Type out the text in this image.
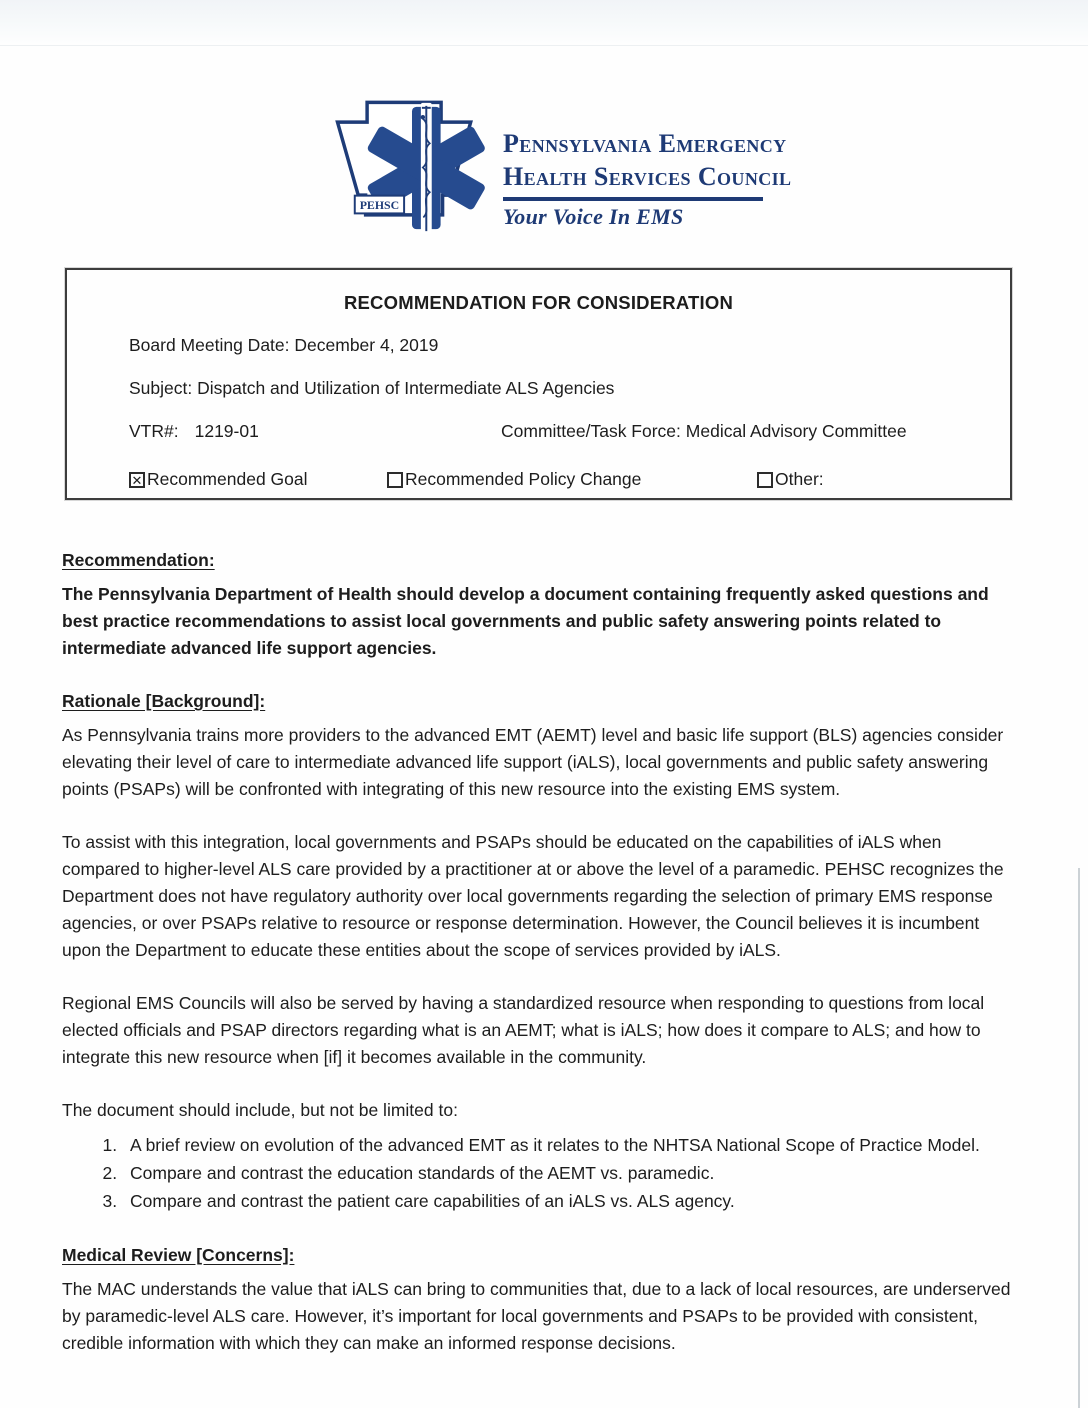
PEHSC
Pennsylvania Emergency
Health Services Council
Your Voice In EMS
RECOMMENDATION FOR CONSIDERATION
Board Meeting Date: December 4, 2019
Subject: Dispatch and Utilization of Intermediate ALS Agencies
VTR#: 1219-01	Committee/Task Force: Medical Advisory Committee
✕ Recommended Goal	Recommended Policy Change	Other:
Recommendation:
The Pennsylvania Department of Health should develop a document containing frequently asked questions and best practice recommendations to assist local governments and public safety answering points related to intermediate advanced life support agencies.
Rationale [Background]:
As Pennsylvania trains more providers to the advanced EMT (AEMT) level and basic life support (BLS) agencies consider elevating their level of care to intermediate advanced life support (iALS), local governments and public safety answering points (PSAPs) will be confronted with integrating of this new resource into the existing EMS system.
To assist with this integration, local governments and PSAPs should be educated on the capabilities of iALS when compared to higher-level ALS care provided by a practitioner at or above the level of a paramedic. PEHSC recognizes the Department does not have regulatory authority over local governments regarding the selection of primary EMS response agencies, or over PSAPs relative to resource or response determination. However, the Council believes it is incumbent upon the Department to educate these entities about the scope of services provided by iALS.
Regional EMS Councils will also be served by having a standardized resource when responding to questions from local elected officials and PSAP directors regarding what is an AEMT; what is iALS; how does it compare to ALS; and how to integrate this new resource when [if] it becomes available in the community.
The document should include, but not be limited to:
1. A brief review on evolution of the advanced EMT as it relates to the NHTSA National Scope of Practice Model.
2. Compare and contrast the education standards of the AEMT vs. paramedic.
3. Compare and contrast the patient care capabilities of an iALS vs. ALS agency.
Medical Review [Concerns]:
The MAC understands the value that iALS can bring to communities that, due to a lack of local resources, are underserved by paramedic-level ALS care. However, it’s important for local governments and PSAPs to be provided with consistent, credible information with which they can make an informed response decisions.
